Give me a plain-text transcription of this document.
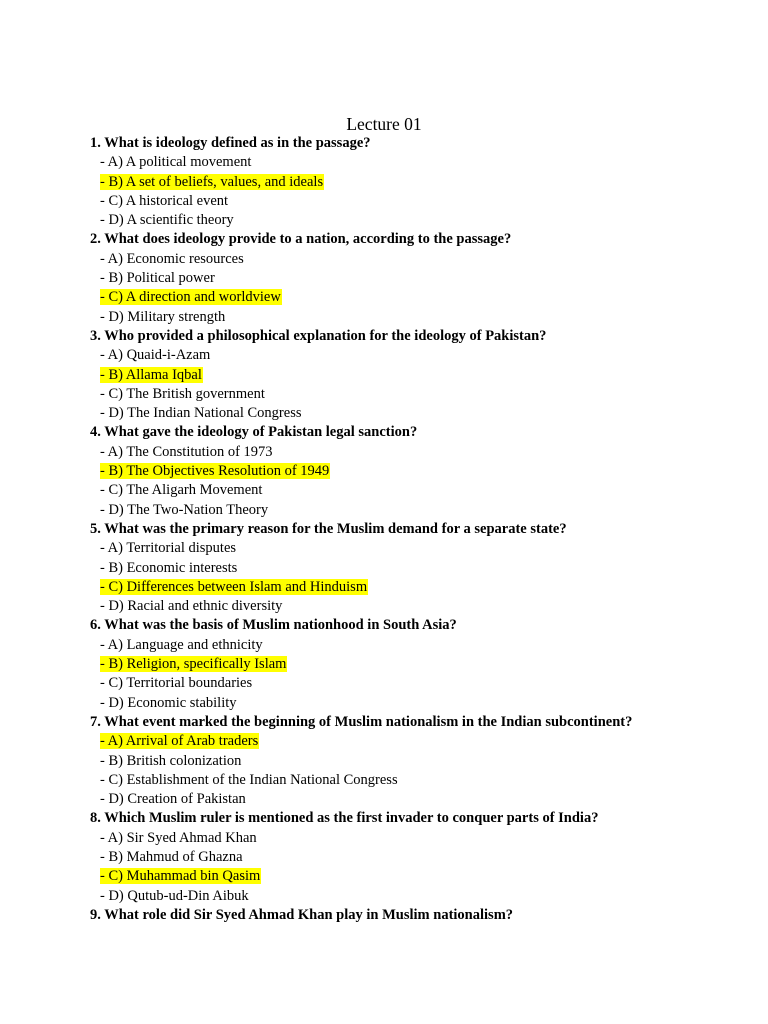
Lecture 01
1. What is ideology defined as in the passage?
- A) A political movement
- B) A set of beliefs, values, and ideals
- C) A historical event
- D) A scientific theory
2. What does ideology provide to a nation, according to the passage?
- A) Economic resources
- B) Political power
- C) A direction and worldview
- D) Military strength
3. Who provided a philosophical explanation for the ideology of Pakistan?
- A) Quaid-i-Azam
- B) Allama Iqbal
- C) The British government
- D) The Indian National Congress
4. What gave the ideology of Pakistan legal sanction?
- A) The Constitution of 1973
- B) The Objectives Resolution of 1949
- C) The Aligarh Movement
- D) The Two-Nation Theory
5. What was the primary reason for the Muslim demand for a separate state?
- A) Territorial disputes
- B) Economic interests
- C) Differences between Islam and Hinduism
- D) Racial and ethnic diversity
6. What was the basis of Muslim nationhood in South Asia?
- A) Language and ethnicity
- B) Religion, specifically Islam
- C) Territorial boundaries
- D) Economic stability
7. What event marked the beginning of Muslim nationalism in the Indian subcontinent?
- A) Arrival of Arab traders
- B) British colonization
- C) Establishment of the Indian National Congress
- D) Creation of Pakistan
8. Which Muslim ruler is mentioned as the first invader to conquer parts of India?
- A) Sir Syed Ahmad Khan
- B) Mahmud of Ghazna
- C) Muhammad bin Qasim
- D) Qutub-ud-Din Aibuk
9. What role did Sir Syed Ahmad Khan play in Muslim nationalism?
